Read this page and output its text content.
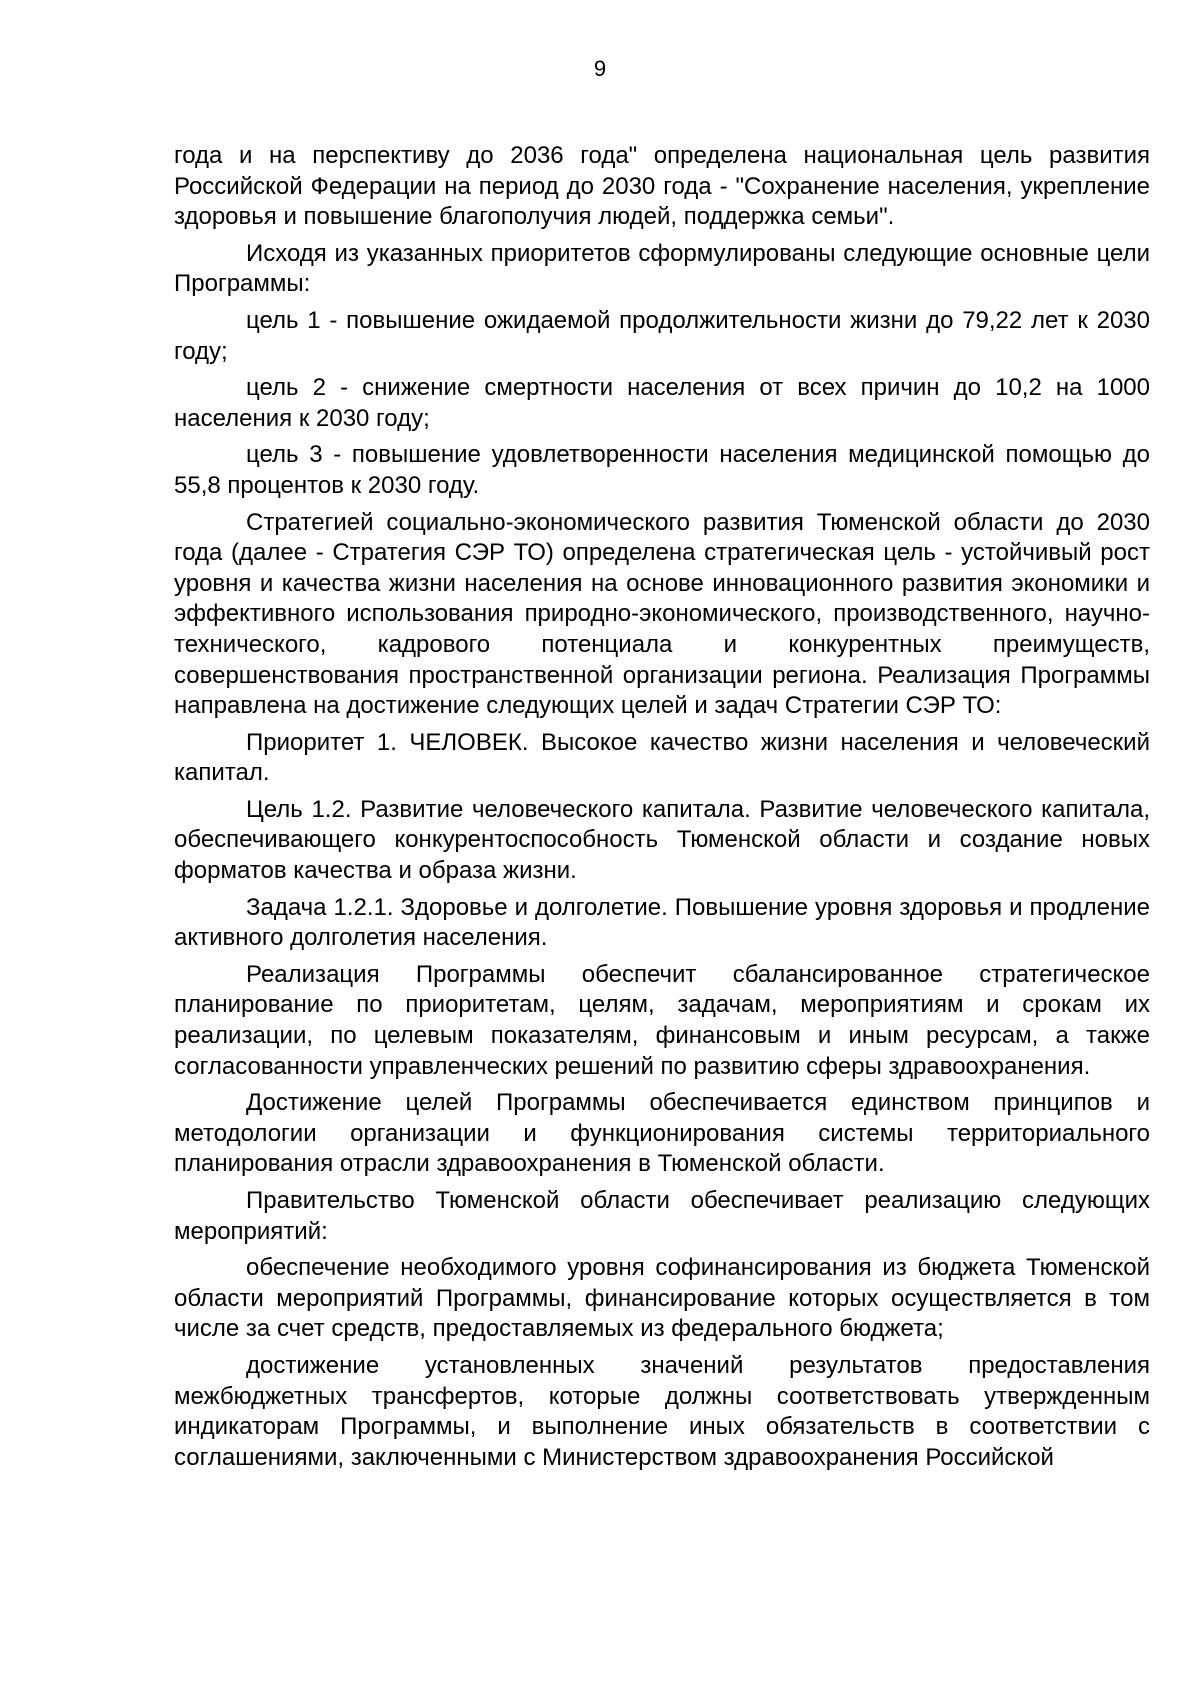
9

года и на перспективу до 2036 года" определена национальная цель развития Российской Федерации на период до 2030 года - "Сохранение населения, укрепление здоровья и повышение благополучия людей, поддержка семьи".

Исходя из указанных приоритетов сформулированы следующие основные цели Программы:

цель 1 - повышение ожидаемой продолжительности жизни до 79,22 лет к 2030 году;

цель 2 - снижение смертности населения от всех причин до 10,2 на 1000 населения к 2030 году;

цель 3 - повышение удовлетворенности населения медицинской помощью до 55,8 процентов к 2030 году.

Стратегией социально-экономического развития Тюменской области до 2030 года (далее - Стратегия СЭР ТО) определена стратегическая цель - устойчивый рост уровня и качества жизни населения на основе инновационного развития экономики и эффективного использования природно-экономического, производственного, научно-технического, кадрового потенциала и конкурентных преимуществ, совершенствования пространственной организации региона. Реализация Программы направлена на достижение следующих целей и задач Стратегии СЭР ТО:

Приоритет 1. ЧЕЛОВЕК. Высокое качество жизни населения и человеческий капитал.

Цель 1.2. Развитие человеческого капитала. Развитие человеческого капитала, обеспечивающего конкурентоспособность Тюменской области и создание новых форматов качества и образа жизни.

Задача 1.2.1. Здоровье и долголетие. Повышение уровня здоровья и продление активного долголетия населения.

Реализация Программы обеспечит сбалансированное стратегическое планирование по приоритетам, целям, задачам, мероприятиям и срокам их реализации, по целевым показателям, финансовым и иным ресурсам, а также согласованности управленческих решений по развитию сферы здравоохранения.

Достижение целей Программы обеспечивается единством принципов и методологии организации и функционирования системы территориального планирования отрасли здравоохранения в Тюменской области.

Правительство Тюменской области обеспечивает реализацию следующих мероприятий:

обеспечение необходимого уровня софинансирования из бюджета Тюменской области мероприятий Программы, финансирование которых осуществляется в том числе за счет средств, предоставляемых из федерального бюджета;

достижение установленных значений результатов предоставления межбюджетных трансфертов, которые должны соответствовать утвержденным индикаторам Программы, и выполнение иных обязательств в соответствии с соглашениями, заключенными с Министерством здравоохранения Российской
